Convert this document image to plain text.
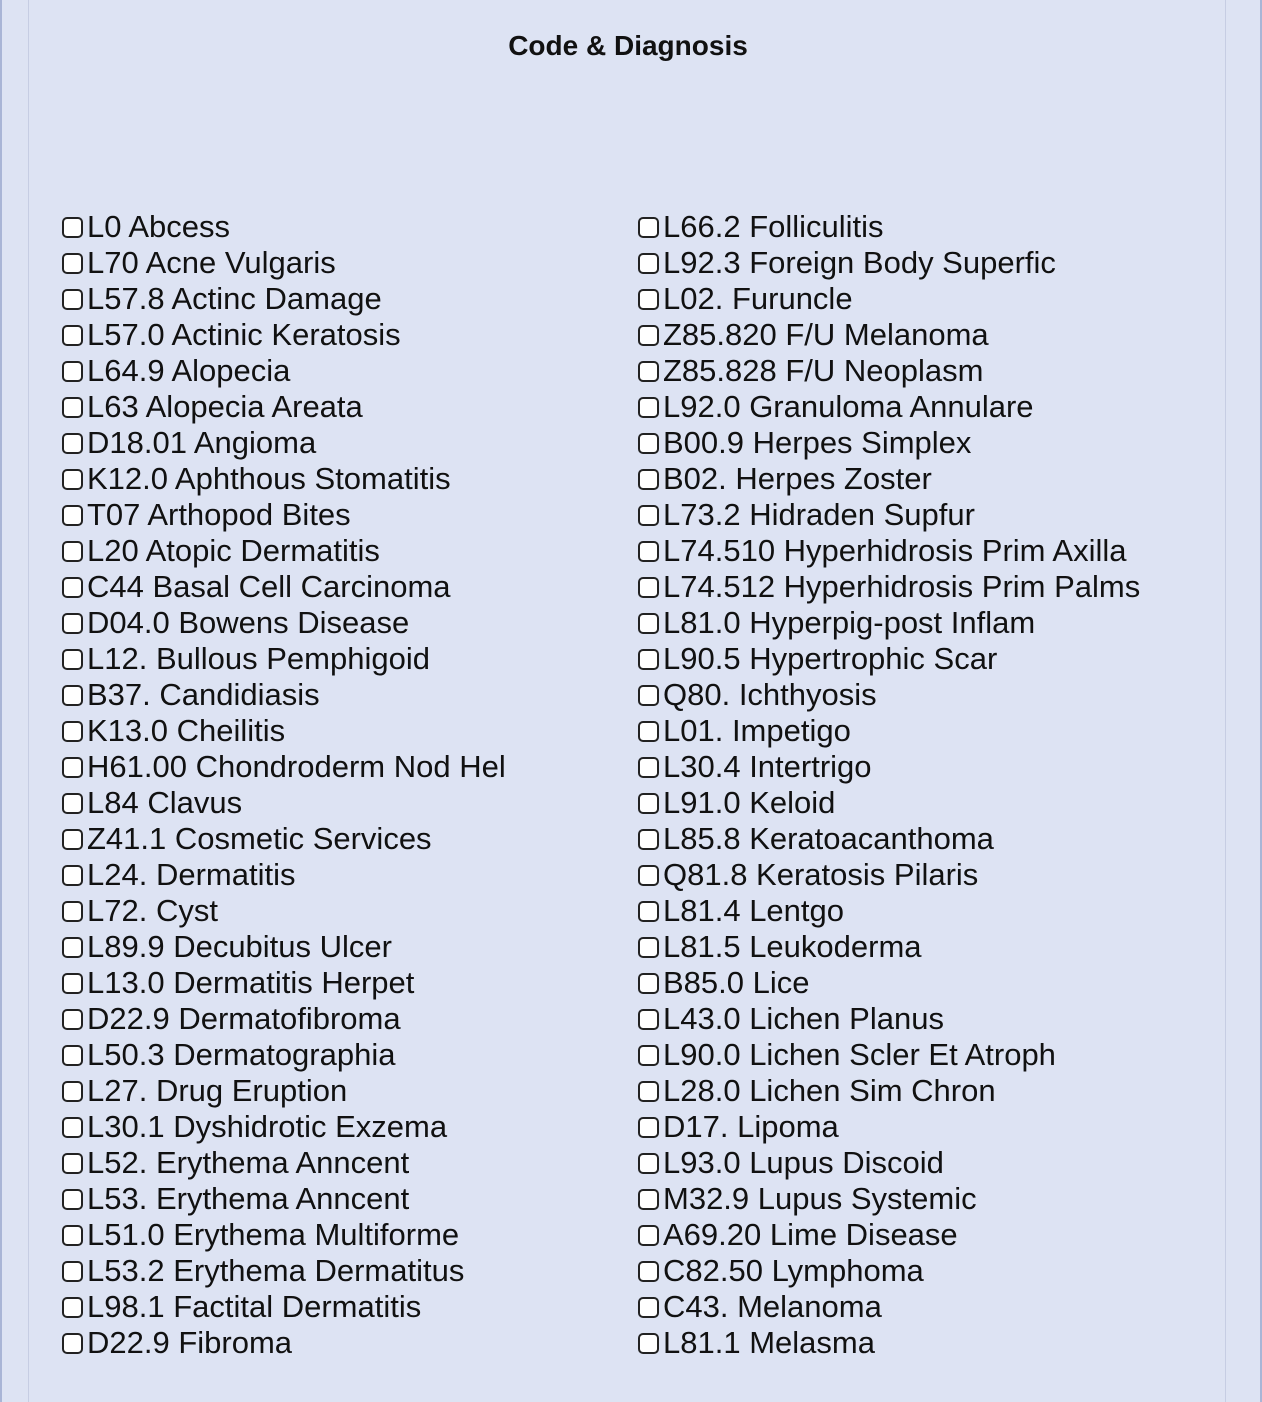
Code & Diagnosis
L0 Abcess
L70 Acne Vulgaris
L57.8 Actinc Damage
L57.0 Actinic Keratosis
L64.9 Alopecia
L63 Alopecia Areata
D18.01 Angioma
K12.0 Aphthous Stomatitis
T07 Arthopod Bites
L20 Atopic Dermatitis
C44 Basal Cell Carcinoma
D04.0 Bowens Disease
L12. Bullous Pemphigoid
B37. Candidiasis
K13.0 Cheilitis
H61.00 Chondroderm Nod Hel
L84 Clavus
Z41.1 Cosmetic Services
L24. Dermatitis
L72. Cyst
L89.9 Decubitus Ulcer
L13.0 Dermatitis Herpet
D22.9 Dermatofibroma
L50.3 Dermatographia
L27. Drug Eruption
L30.1 Dyshidrotic Exzema
L52. Erythema Anncent
L53. Erythema Anncent
L51.0 Erythema Multiforme
L53.2 Erythema Dermatitus
L98.1 Factital Dermatitis
D22.9 Fibroma
L66.2 Folliculitis
L92.3 Foreign Body Superfic
L02. Furuncle
Z85.820 F/U Melanoma
Z85.828 F/U Neoplasm
L92.0 Granuloma Annulare
B00.9 Herpes Simplex
B02. Herpes Zoster
L73.2 Hidraden Supfur
L74.510 Hyperhidrosis Prim Axilla
L74.512 Hyperhidrosis Prim Palms
L81.0 Hyperpig-post Inflam
L90.5 Hypertrophic Scar
Q80. Ichthyosis
L01. Impetigo
L30.4 Intertrigo
L91.0 Keloid
L85.8 Keratoacanthoma
Q81.8 Keratosis Pilaris
L81.4 Lentgo
L81.5 Leukoderma
B85.0 Lice
L43.0 Lichen Planus
L90.0 Lichen Scler Et Atroph
L28.0 Lichen Sim Chron
D17. Lipoma
L93.0 Lupus Discoid
M32.9 Lupus Systemic
A69.20 Lime Disease
C82.50 Lymphoma
C43. Melanoma
L81.1 Melasma
